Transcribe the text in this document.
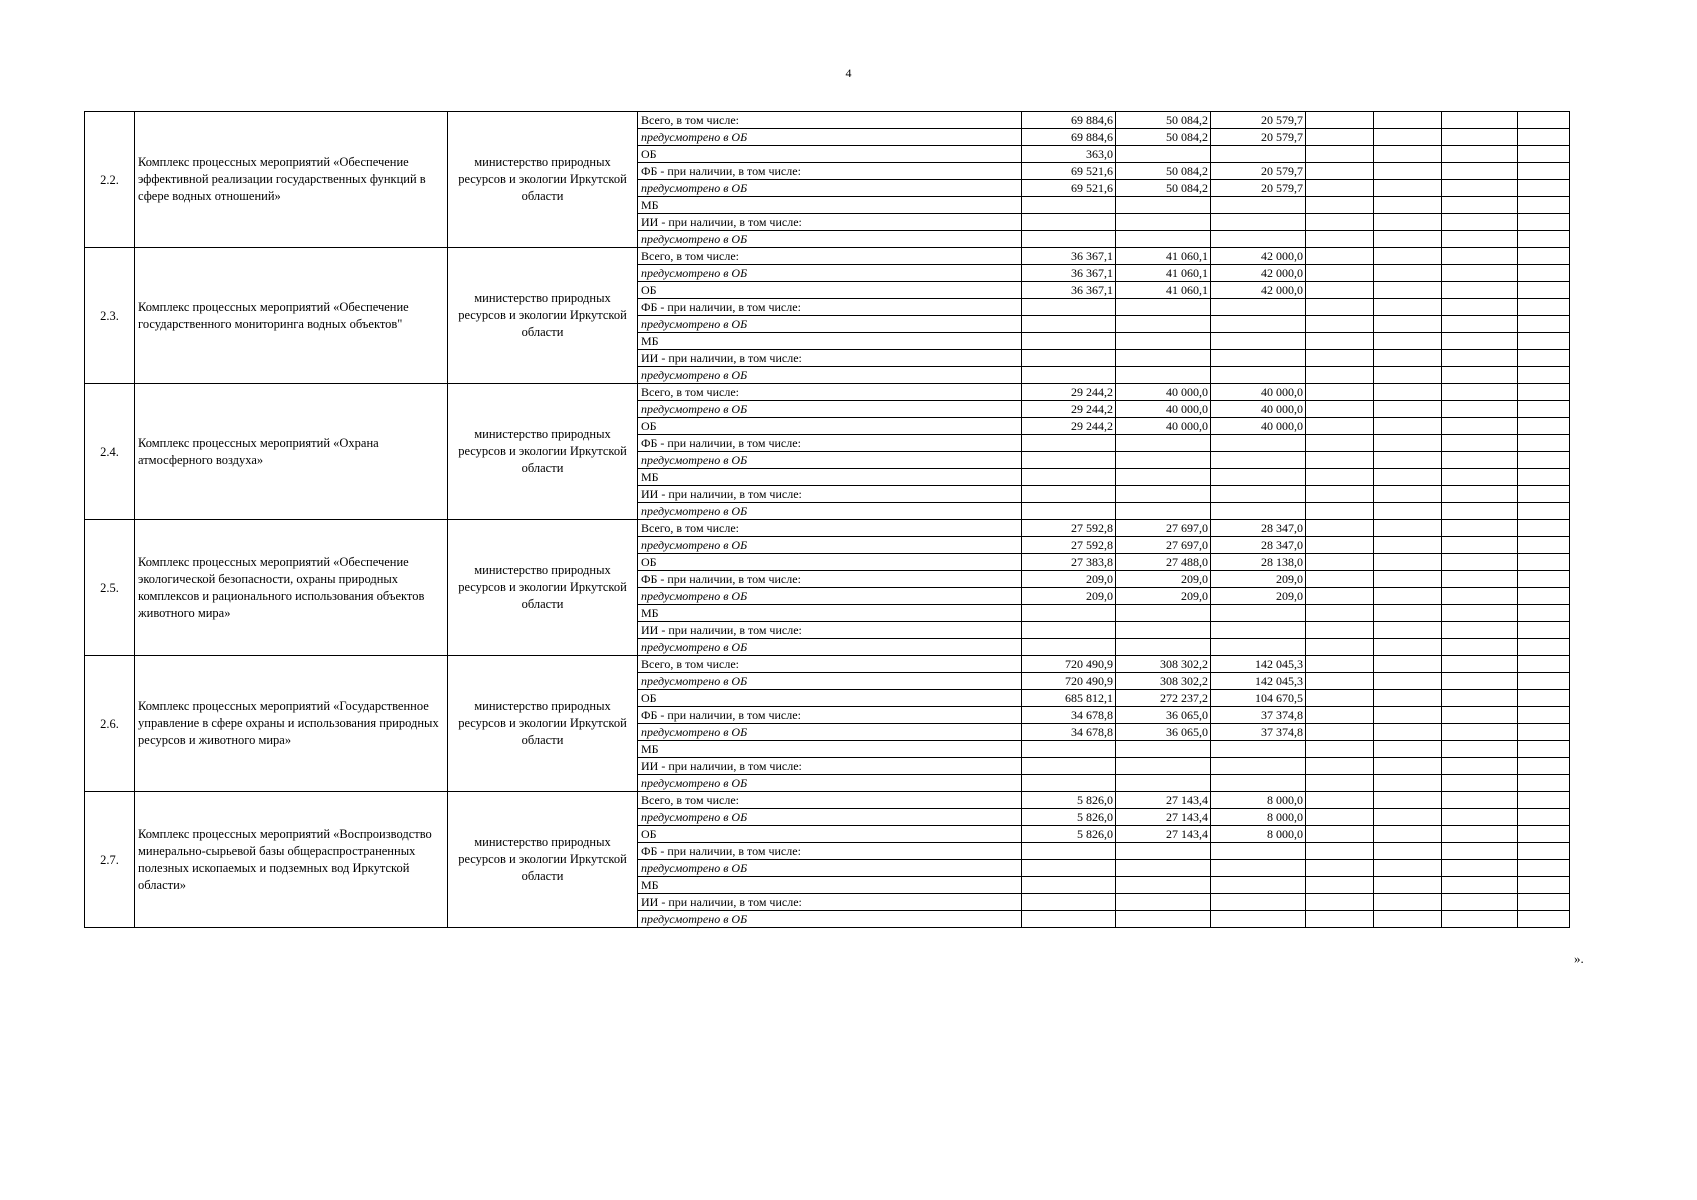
4
2.2.	Комплекс процессных мероприятий «Обеспечение эффективной реализации государственных функций в сфере водных отношений»	министерство природных ресурсов и экологии Иркутской области	Всего, в том числе:	69 884,6	50 084,2	20 579,7				
			предусмотрено в ОБ	69 884,6	50 084,2	20 579,7				
			ОБ	363,0						
			ФБ - при наличии, в том числе:	69 521,6	50 084,2	20 579,7				
			предусмотрено в ОБ	69 521,6	50 084,2	20 579,7				
			МБ							
			ИИ - при наличии, в том числе:							
			предусмотрено в ОБ							
2.3.	Комплекс процессных мероприятий «Обеспечение государственного мониторинга водных объектов"	министерство природных ресурсов и экологии Иркутской области	Всего, в том числе:	36 367,1	41 060,1	42 000,0				
			предусмотрено в ОБ	36 367,1	41 060,1	42 000,0				
			ОБ	36 367,1	41 060,1	42 000,0				
			ФБ - при наличии, в том числе:							
			предусмотрено в ОБ							
			МБ							
			ИИ - при наличии, в том числе:							
			предусмотрено в ОБ							
2.4.	Комплекс процессных мероприятий «Охрана атмосферного воздуха»	министерство природных ресурсов и экологии Иркутской области	Всего, в том числе:	29 244,2	40 000,0	40 000,0				
			предусмотрено в ОБ	29 244,2	40 000,0	40 000,0				
			ОБ	29 244,2	40 000,0	40 000,0				
			ФБ - при наличии, в том числе:							
			предусмотрено в ОБ							
			МБ							
			ИИ - при наличии, в том числе:							
			предусмотрено в ОБ							
2.5.	Комплекс процессных мероприятий «Обеспечение экологической безопасности, охраны природных комплексов и рационального использования объектов животного мира»	министерство природных ресурсов и экологии Иркутской области	Всего, в том числе:	27 592,8	27 697,0	28 347,0				
			предусмотрено в ОБ	27 592,8	27 697,0	28 347,0				
			ОБ	27 383,8	27 488,0	28 138,0				
			ФБ - при наличии, в том числе:	209,0	209,0	209,0				
			предусмотрено в ОБ	209,0	209,0	209,0				
			МБ							
			ИИ - при наличии, в том числе:							
			предусмотрено в ОБ							
2.6.	Комплекс процессных мероприятий «Государственное управление в сфере охраны и использования природных ресурсов и животного мира»	министерство природных ресурсов и экологии Иркутской области	Всего, в том числе:	720 490,9	308 302,2	142 045,3				
			предусмотрено в ОБ	720 490,9	308 302,2	142 045,3				
			ОБ	685 812,1	272 237,2	104 670,5				
			ФБ - при наличии, в том числе:	34 678,8	36 065,0	37 374,8				
			предусмотрено в ОБ	34 678,8	36 065,0	37 374,8				
			МБ							
			ИИ - при наличии, в том числе:							
			предусмотрено в ОБ							
2.7.	Комплекс процессных мероприятий «Воспроизводство минерально-сырьевой базы общераспространенных полезных ископаемых и подземных вод Иркутской области»	министерство природных ресурсов и экологии Иркутской области	Всего, в том числе:	5 826,0	27 143,4	8 000,0				
			предусмотрено в ОБ	5 826,0	27 143,4	8 000,0				
			ОБ	5 826,0	27 143,4	8 000,0				
			ФБ - при наличии, в том числе:							
			предусмотрено в ОБ							
			МБ							
			ИИ - при наличии, в том числе:							
			предусмотрено в ОБ							
».
